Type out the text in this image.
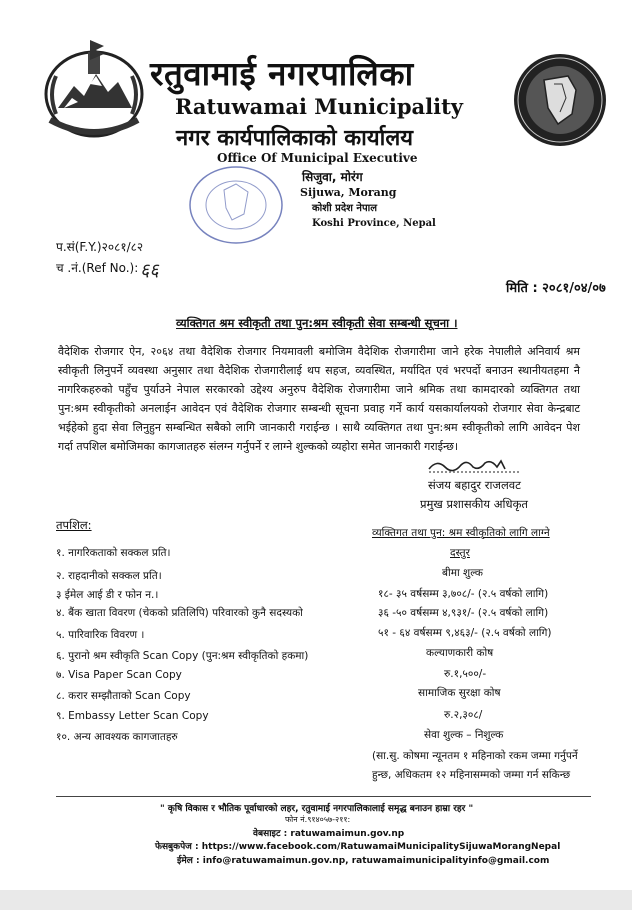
रतुवामाई नगरपालिका
Ratuwamai Municipality
नगर कार्यपालिकाको कार्यालय
Office Of Municipal Executive
सिजुवा, मोरंग
Sijuwa, Morang
कोशी प्रदेश नेपाल
Koshi Province, Nepal
प.सं(F.Y.)२०८१/८२
च .नं.(Ref No.): ६६
मिति : २०८१/०४/०७
व्यक्तिगत श्रम स्वीकृती तथा पुन:श्रम स्वीकृती सेवा सम्बन्धी सूचना ।
वैदेशिक रोजगार ऐन, २०६४ तथा वैदेशिक रोजगार नियमावली बमोजिम वैदेशिक रोजगारीमा जाने हरेक नेपालीले अनिवार्य श्रम स्वीकृती लिनुपर्ने व्यवस्था अनुसार तथा वैदेशिक रोजगारीलाई थप सहज, व्यवस्थित, मर्यादित एवं भरपर्दो बनाउन स्थानीयतहमा नै नागरिकहरुको पहुँच पुर्याउने नेपाल सरकारको उद्देश्य अनुरुप वैदेशिक रोजगारीमा जाने श्रमिक तथा कामदारको व्यक्तिगत तथा पुन:श्रम स्वीकृतीको अनलाईन आवेदन एवं वैदेशिक रोजगार सम्बन्धी सूचना प्रवाह गर्ने कार्य यसकार्यालयको रोजगार सेवा केन्द्रबाट भईहेको हुदा सेवा लिनुहुन सम्बन्धित सबैको लागि जानकारी गराईन्छ । साथै व्यक्तिगत तथा पुन:श्रम स्वीकृतीको लागि आवेदन पेश गर्दा तपशिल बमोजिमका कागजातहरु संलग्न गर्नुपर्ने र लाग्ने शुल्कको व्यहोरा समेत जानकारी गराईन्छ।
संजय बहादुर राजलवट
प्रमुख प्रशासकीय अधिकृत
तपशिल:
१. नागरिकताको सक्कल प्रति।
२. राहदानीको सक्कल प्रति।
३ ईमेल आई डी र फोन न.।
४. बैंक खाता विवरण (चेकको प्रतिलिपि) परिवारको कुनै सदस्यको
५. पारिवारिक विवरण ।
६. पुरानो श्रम स्वीकृति Scan Copy (पुन:श्रम स्वीकृतिको हकमा)
७. Visa Paper Scan Copy
८. करार सम्झौताको Scan Copy
९. Embassy Letter Scan Copy
१०. अन्य आवश्यक कागजातहरु
व्यक्तिगत तथा पुन: श्रम स्वीकृतिको लागि लाग्ने
दस्तुर
बीमा शुल्क
१८- ३५ वर्षसम्म ३,७०८/- (२.५ वर्षको लागि)
३६ -५० वर्षसम्म ४,९३१/- (२.५ वर्षको लागि)
५१ - ६४ वर्षसम्म ९,४६३/- (२.५ वर्षको लागि)
कल्याणकारी कोष
रु.१,५००/-
सामाजिक सुरक्षा कोष
रु.२,३०८/
सेवा शुल्क – निशुल्क
(सा.सु. कोषमा न्यूनतम १ महिनाको रकम जम्मा गर्नुपर्ने
हुन्छ, अधिकतम १२ महिनासम्मको जम्मा गर्न सकिन्छ
" कृषि विकास र भौतिक पूर्वाधारको लहर, रतुवामाई नगरपालिकालाई समृद्ध बनाउन हाम्रा रहर "
फोन नं.९१४०५७-२११:
वेबसाइट : ratuwamaimun.gov.np
फेसबुकपेज : https://www.facebook.com/RatuwamaiMunicipalitySijuwaMorangNepal
ईमेल : info@ratuwamaimun.gov.np, ratuwamaimunicipalityinfo@gmail.com
